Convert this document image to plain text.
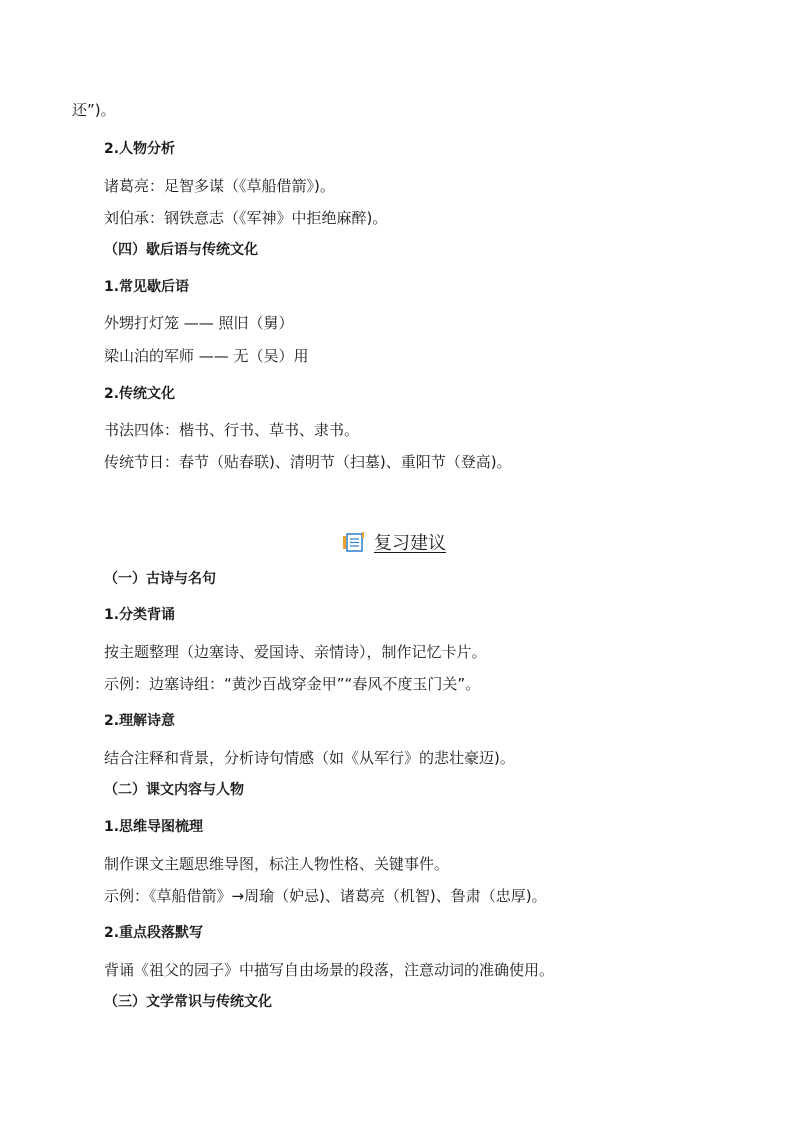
还”)。
2.人物分析
诸葛亮：足智多谋（《草船借箭》)。
刘伯承：钢铁意志（《军神》中拒绝麻醉)。
（四）歇后语与传统文化
1.常见歇后语
外甥打灯笼 —— 照旧（舅）
梁山泊的军师 —— 无（吴）用
2.传统文化
书法四体：楷书、行书、草书、隶书。
传统节日：春节（贴春联)、清明节（扫墓)、重阳节（登高)。
复习建议
（一）古诗与名句
1.分类背诵
按主题整理（边塞诗、爱国诗、亲情诗），制作记忆卡片。
示例：边塞诗组：“黄沙百战穿金甲”“春风不度玉门关”。
2.理解诗意
结合注释和背景，分析诗句情感（如《从军行》的悲壮豪迈)。
（二）课文内容与人物
1.思维导图梳理
制作课文主题思维导图，标注人物性格、关键事件。
示例：《草船借箭》→周瑜（妒忌)、诸葛亮（机智)、鲁肃（忠厚)。
2.重点段落默写
背诵《祖父的园子》中描写自由场景的段落，注意动词的准确使用。
（三）文学常识与传统文化
